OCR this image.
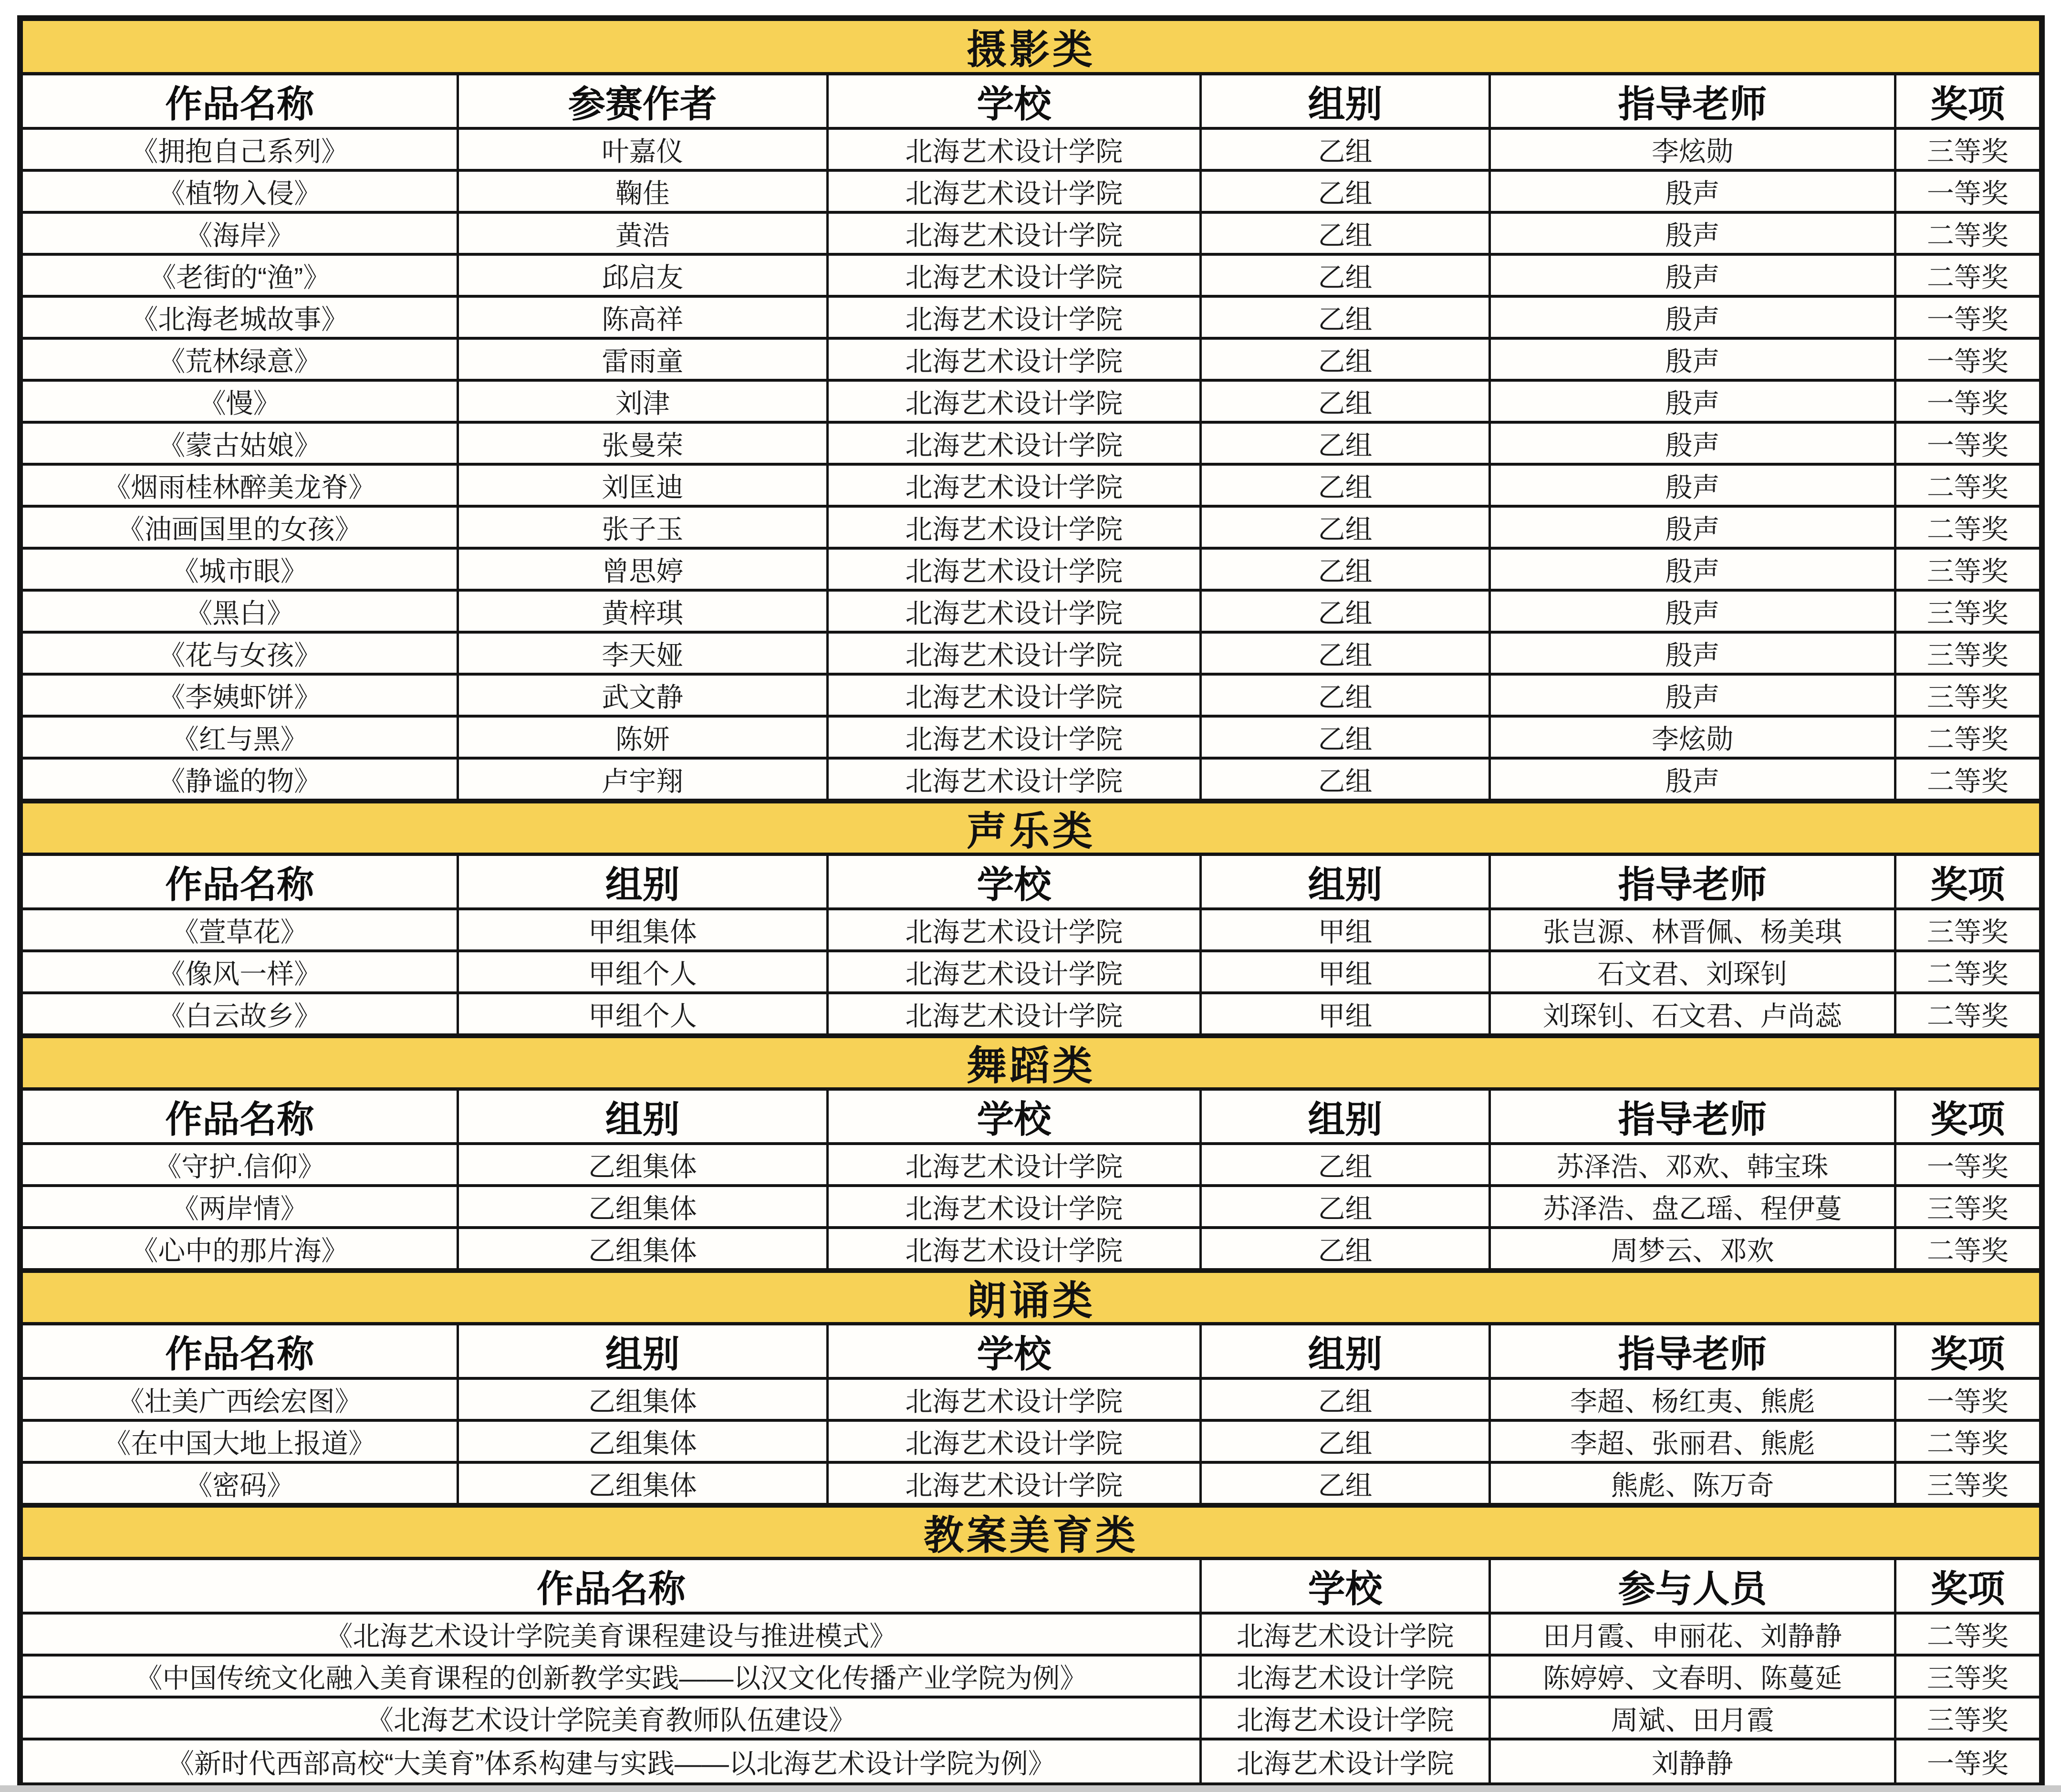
摄影类
作品名称	参赛作者	学校	组别	指导老师	奖项
《拥抱自己系列》	叶嘉仪	北海艺术设计学院	乙组	李炫勋	三等奖
《植物入侵》	鞠佳	北海艺术设计学院	乙组	殷声	一等奖
《海岸》	黄浩	北海艺术设计学院	乙组	殷声	二等奖
《老街的“渔”》	邱启友	北海艺术设计学院	乙组	殷声	二等奖
《北海老城故事》	陈高祥	北海艺术设计学院	乙组	殷声	一等奖
《荒林绿意》	雷雨童	北海艺术设计学院	乙组	殷声	一等奖
《慢》	刘津	北海艺术设计学院	乙组	殷声	一等奖
《蒙古姑娘》	张曼荣	北海艺术设计学院	乙组	殷声	一等奖
《烟雨桂林醉美龙脊》	刘匡迪	北海艺术设计学院	乙组	殷声	二等奖
《油画国里的女孩》	张子玉	北海艺术设计学院	乙组	殷声	二等奖
《城市眼》	曾思婷	北海艺术设计学院	乙组	殷声	三等奖
《黑白》	黄梓琪	北海艺术设计学院	乙组	殷声	三等奖
《花与女孩》	李天娅	北海艺术设计学院	乙组	殷声	三等奖
《李姨虾饼》	武文静	北海艺术设计学院	乙组	殷声	三等奖
《红与黑》	陈妍	北海艺术设计学院	乙组	李炫勋	二等奖
《静谧的物》	卢宇翔	北海艺术设计学院	乙组	殷声	二等奖
声乐类
作品名称	组别	学校	组别	指导老师	奖项
《萱草花》	甲组集体	北海艺术设计学院	甲组	张岂源、林晋佩、杨美琪	三等奖
《像风一样》	甲组个人	北海艺术设计学院	甲组	石文君、刘琛钊	二等奖
《白云故乡》	甲组个人	北海艺术设计学院	甲组	刘琛钊、石文君、卢尚蕊	二等奖
舞蹈类
作品名称	组别	学校	组别	指导老师	奖项
《守护.信仰》	乙组集体	北海艺术设计学院	乙组	苏泽浩、邓欢、韩宝珠	一等奖
《两岸情》	乙组集体	北海艺术设计学院	乙组	苏泽浩、盘乙瑶、程伊蔓	三等奖
《心中的那片海》	乙组集体	北海艺术设计学院	乙组	周梦云、邓欢	二等奖
朗诵类
作品名称	组别	学校	组别	指导老师	奖项
《壮美广西绘宏图》	乙组集体	北海艺术设计学院	乙组	李超、杨红夷、熊彪	一等奖
《在中国大地上报道》	乙组集体	北海艺术设计学院	乙组	李超、张丽君、熊彪	二等奖
《密码》	乙组集体	北海艺术设计学院	乙组	熊彪、陈万奇	三等奖
教案美育类
作品名称	学校	参与人员	奖项
《北海艺术设计学院美育课程建设与推进模式》	北海艺术设计学院	田月霞、申丽花、刘静静	二等奖
《中国传统文化融入美育课程的创新教学实践——以汉文化传播产业学院为例》	北海艺术设计学院	陈婷婷、文春明、陈蔓延	三等奖
《北海艺术设计学院美育教师队伍建设》	北海艺术设计学院	周斌、田月霞	三等奖
《新时代西部高校“大美育”体系构建与实践——以北海艺术设计学院为例》	北海艺术设计学院	刘静静	一等奖
